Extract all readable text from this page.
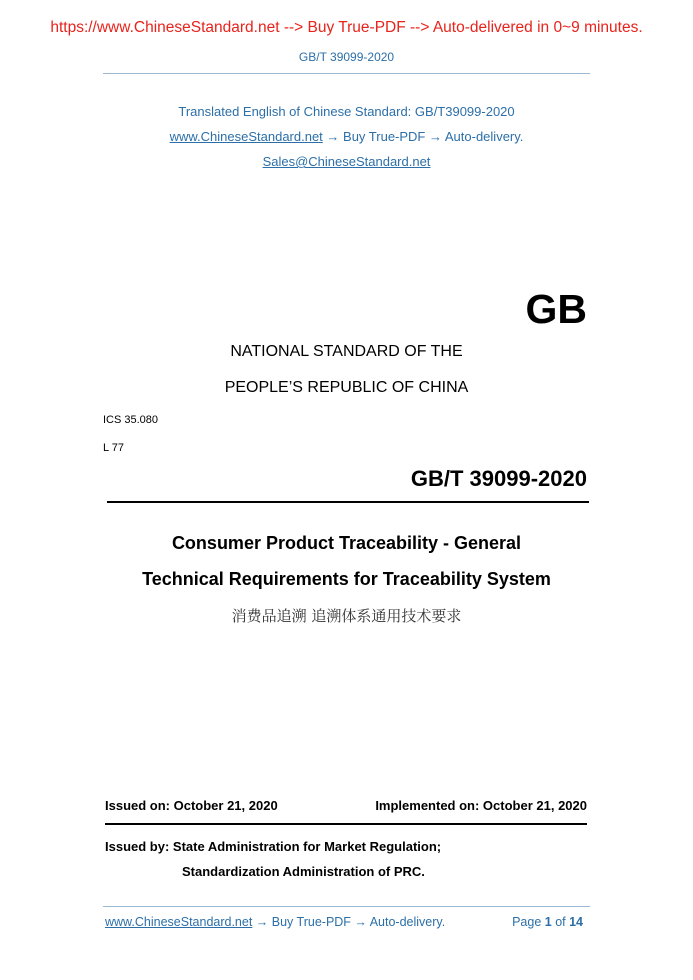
https://www.ChineseStandard.net --> Buy True-PDF --> Auto-delivered in 0~9 minutes.
GB/T 39099-2020
Translated English of Chinese Standard: GB/T39099-2020
www.ChineseStandard.net → Buy True-PDF → Auto-delivery.
Sales@ChineseStandard.net
GB
NATIONAL STANDARD OF THE
PEOPLE’S REPUBLIC OF CHINA
ICS 35.080
L 77
GB/T 39099-2020
Consumer Product Traceability - General
Technical Requirements for Traceability System
消费品追溯 追溯体系通用技术要求
Issued on: October 21, 2020	Implemented on: October 21, 2020
Issued by: State Administration for Market Regulation;
Standardization Administration of PRC.
www.ChineseStandard.net → Buy True-PDF → Auto-delivery.	Page 1 of 14
